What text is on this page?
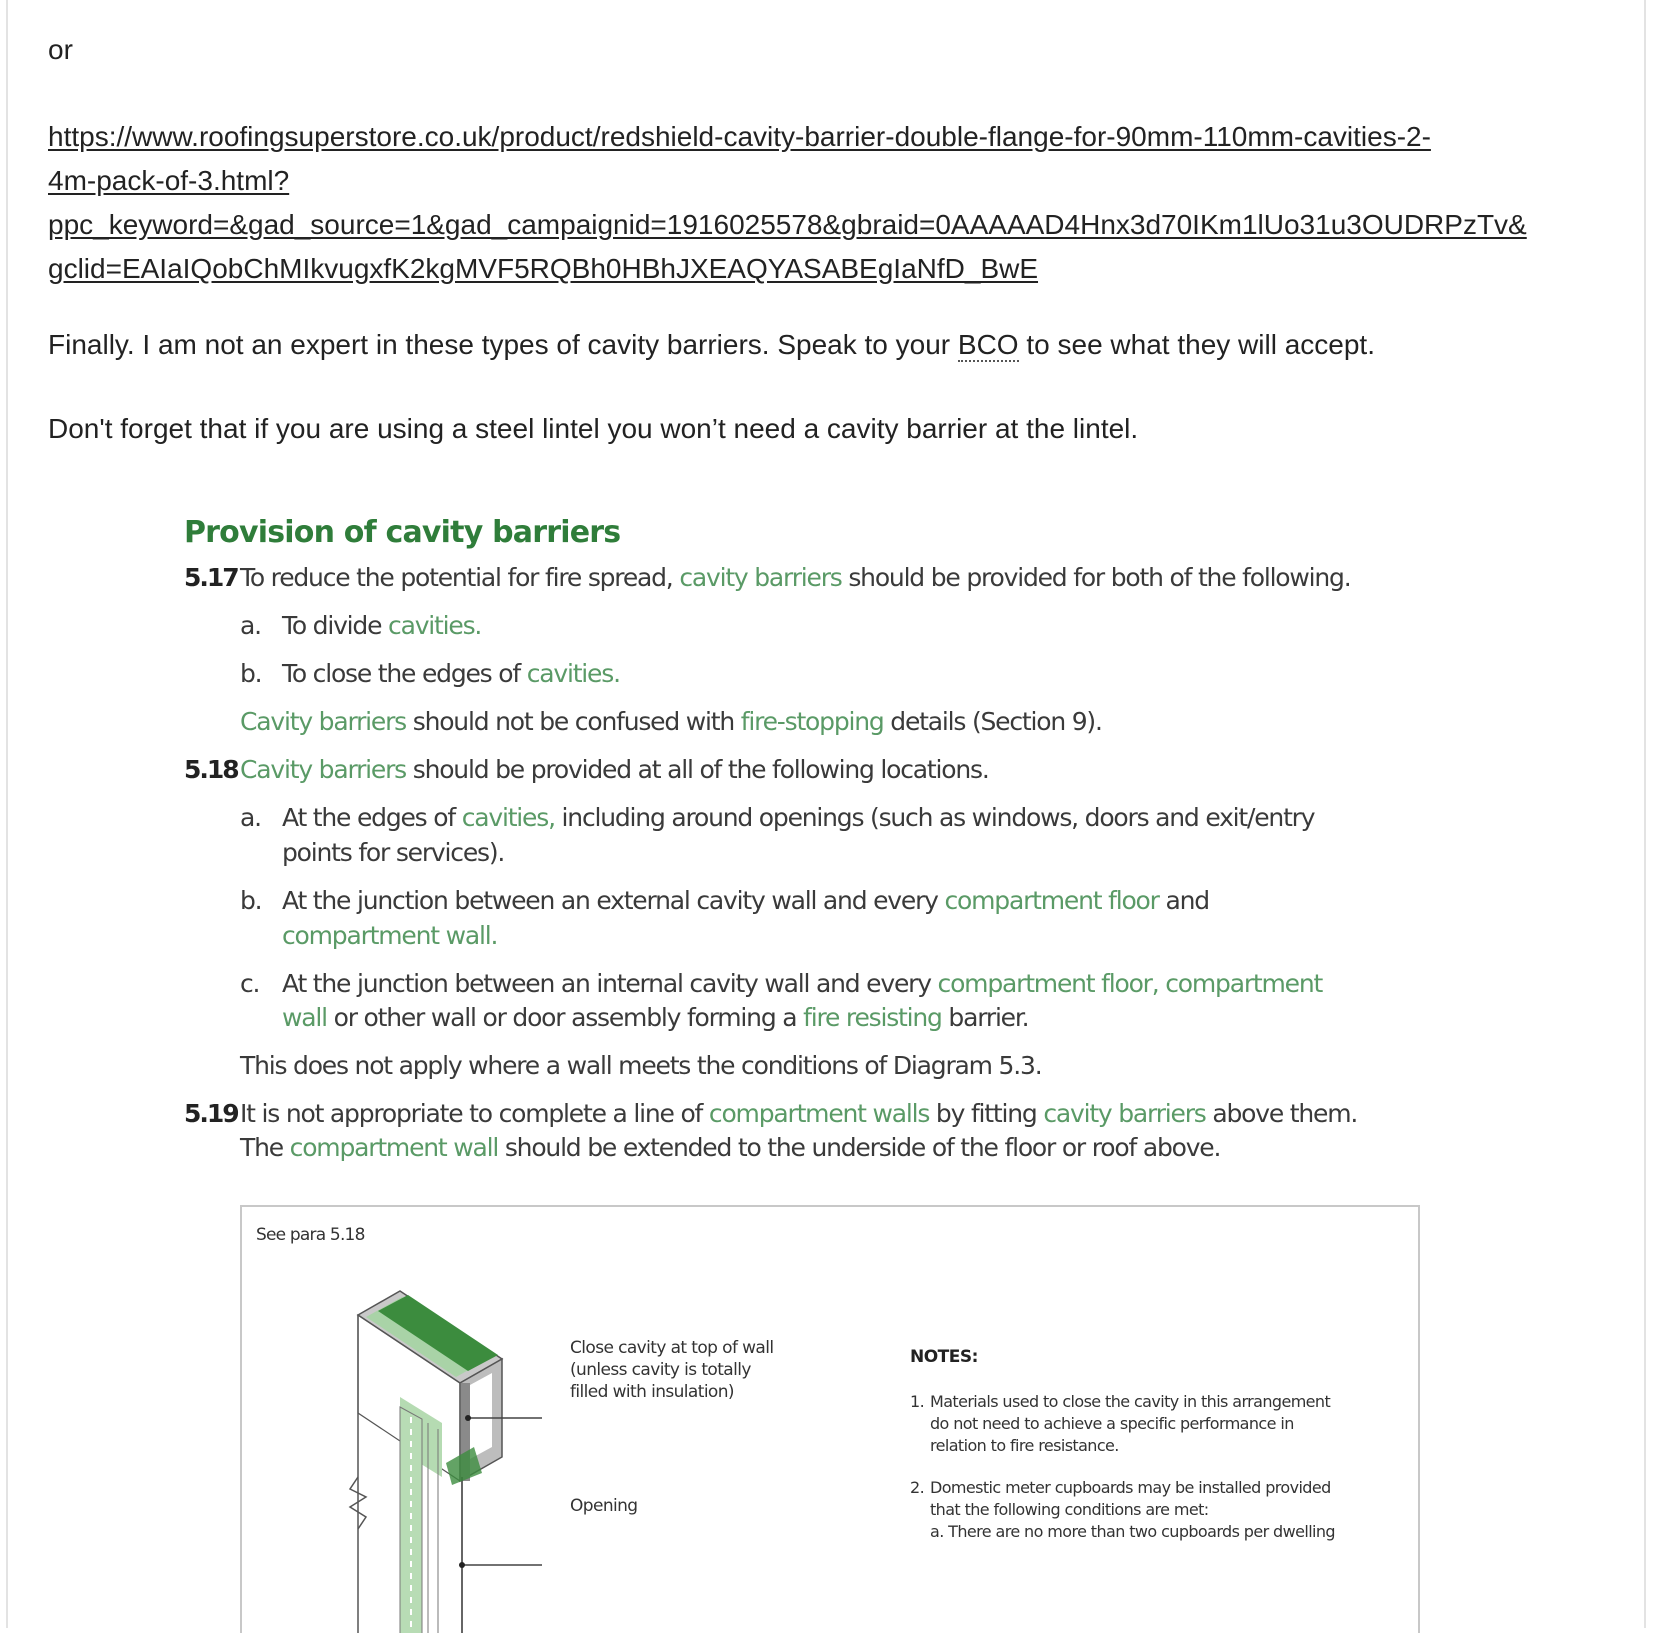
or

https://www.roofingsuperstore.co.uk/product/redshield-cavity-barrier-double-flange-for-90mm-110mm-cavities-2-
4m-pack-of-3.html?
ppc_keyword=&gad_source=1&gad_campaignid=1916025578&gbraid=0AAAAAD4Hnx3d70IKm1lUo31u3OUDRPzTv&
gclid=EAIaIQobChMIkvugxfK2kgMVF5RQBh0HBhJXEAQYASABEgIaNfD_BwE

Finally. I am not an expert in these types of cavity barriers. Speak to your BCO to see what they will accept.

Don't forget that if you are using a steel lintel you won’t need a cavity barrier at the lintel.

Provision of cavity barriers
5.17 To reduce the potential for fire spread, cavity barriers should be provided for both of the following.
a. To divide cavities.
b. To close the edges of cavities.
Cavity barriers should not be confused with fire-stopping details (Section 9).
5.18 Cavity barriers should be provided at all of the following locations.
a. At the edges of cavities, including around openings (such as windows, doors and exit/entry
points for services).
b. At the junction between an external cavity wall and every compartment floor and
compartment wall.
c. At the junction between an internal cavity wall and every compartment floor, compartment
wall or other wall or door assembly forming a fire resisting barrier.
This does not apply where a wall meets the conditions of Diagram 5.3.
5.19 It is not appropriate to complete a line of compartment walls by fitting cavity barriers above them.
The compartment wall should be extended to the underside of the floor or roof above.
See para 5.18
Close cavity at top of wall
(unless cavity is totally
filled with insulation)
Opening
NOTES:
1. Materials used to close the cavity in this arrangement
do not need to achieve a specific performance in
relation to fire resistance.
2. Domestic meter cupboards may be installed provided
that the following conditions are met:
a. There are no more than two cupboards per dwelling
